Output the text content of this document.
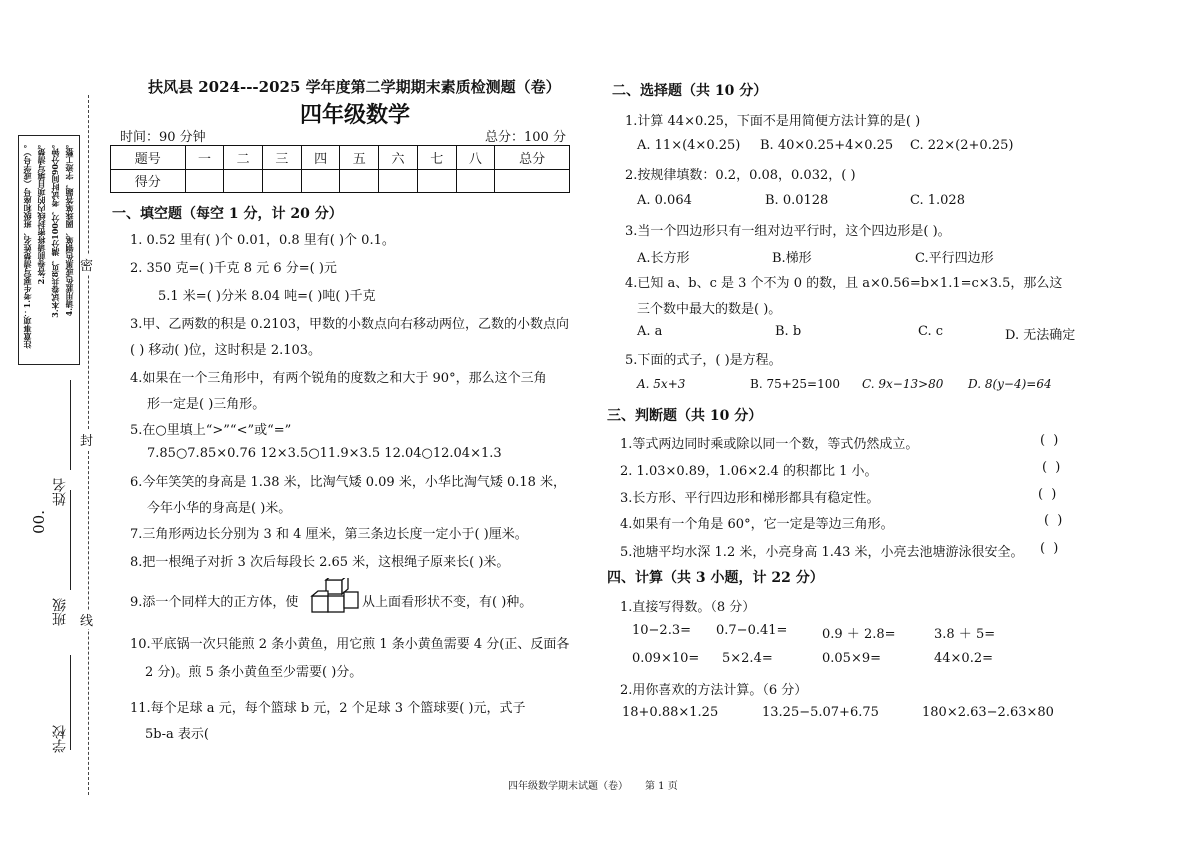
注意事项：1.考生要写清楚姓名、班级和座号（或学号）。 2.答卷前请将密封线内的项目填写清楚。 3.本试卷共8页，满分100分，考试时间90分钟。 4.请用蓝色或黑色钢笔、圆珠笔答题，字迹工整。 密
封
线
姓名
00.
班级
学校
扶风县 2024---2025 学年度第二学期期末素质检测题（卷）
四年级数学
时间：90 分钟	总分：100 分
题号	一	二	三	四	五	六	七	八	总分
得分									
一、填空题（每空 1 分，计 20 分）
1. 0.52 里有( )个 0.01，0.8 里有( )个 0.1。
2. 350 克=( )千克 8 元 6 分=( )元
5.1 米=( )分米 8.04 吨=( )吨( )千克
3.甲、乙两数的积是 0.2103，甲数的小数点向右移动两位，乙数的小数点向
( ) 移动( )位，这时积是 2.103。
4.如果在一个三角形中，有两个锐角的度数之和大于 90°，那么这个三角
形一定是( )三角形。
5.在○里填上“>”“<”或“=”
7.85○7.85×0.76 12×3.5○11.9×3.5 12.04○12.04×1.3
6.今年笑笑的身高是 1.38 米，比淘气矮 0.09 米，小华比淘气矮 0.18 米，
今年小华的身高是( )米。
7.三角形两边长分别为 3 和 4 厘米，第三条边长度一定小于( )厘米。
8.把一根绳子对折 3 次后每段长 2.65 米，这根绳子原来长( )米。
9.添一个同样大的正方体，使	从上面看形状不变，有( )种。
10.平底锅一次只能煎 2 条小黄鱼，用它煎 1 条小黄鱼需要 4 分(正、反面各
2 分)。煎 5 条小黄鱼至少需要( )分。
11.每个足球 a 元，每个篮球 b 元，2 个足球 3 个篮球要( )元，式子
5b-a 表示(
二、选择题（共 10 分）
1.计算 44×0.25，下面不是用简便方法计算的是( )
A. 11×(4×0.25) B. 40×0.25+4×0.25 C. 22×(2+0.25)
2.按规律填数：0.2，0.08，0.032，( )
A. 0.064	B. 0.0128	C. 1.028
3.当一个四边形只有一组对边平行时，这个四边形是( )。
A.长方形	B.梯形	C.平行四边形
4.已知 a、b、c 是 3 个不为 0 的数，且 a×0.56=b×1.1=c×3.5，那么这
A. a	B. b	C. c	D. 无法确定
5.下面的式子，( )是方程。
A. 5x+3	B. 75+25=100 C. 9x−13>80 D. 8(y−4)=64
三、判断题（共 10 分）
1.等式两边同时乘或除以同一个数，等式仍然成立。	( )
2. 1.03×0.89，1.06×2.4 的积都比 1 小。	( )
3.长方形、平行四边形和梯形都具有稳定性。	( )
4.如果有一个角是 60°，它一定是等边三角形。	( )
5.池塘平均水深 1.2 米，小亮身高 1.43 米，小亮去池塘游泳很安全。 ( )
四、计算（共 3 小题，计 22 分）
1.直接写得数。（8 分）
10−2.3= 0.7−0.41=	0.9 ＋ 2.8=	3.8 ＋ 5=
0.09×10= 5×2.4=	0.05×9=	44×0.2=
2.用你喜欢的方法计算。（6 分）
18+0.88×1.25	13.25−5.07+6.75	180×2.63−2.63×80
四年级数学期末试题（卷） 第 1 页
三个数中最大的数是( )。
